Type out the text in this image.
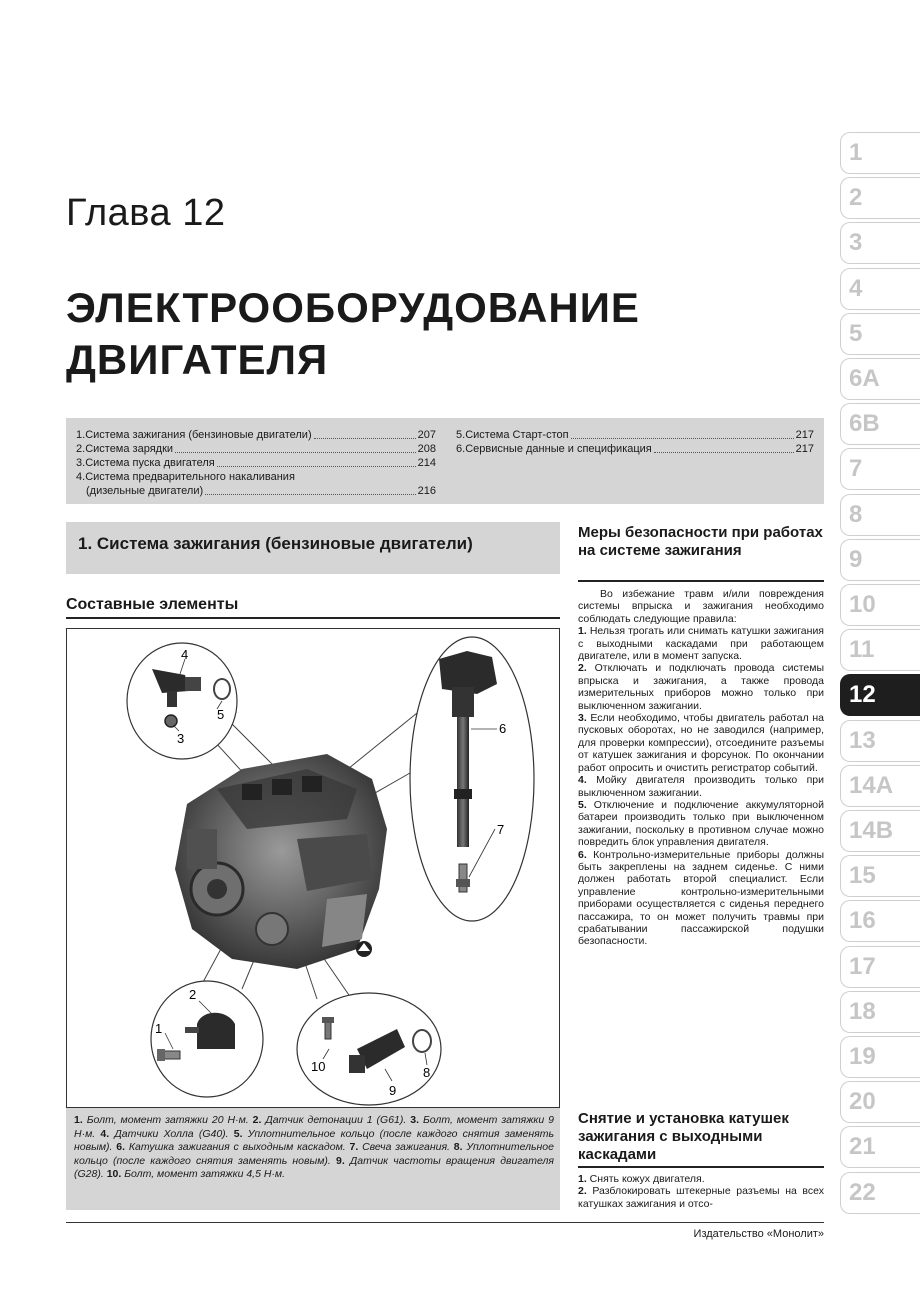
Глава 12
ЭЛЕКТРООБОРУДОВАНИЕ
ДВИГАТЕЛЯ
1.Система зажигания (бензиновые двигатели)	207
2.Система зарядки	208
3.Система пуска двигателя	214
4.Система предварительного накаливания
(дизельные двигатели)	216
5.Система Старт-стоп	217
6.Сервисные данные и спецификация	217
1. Система зажигания (бензиновые двигатели)
Составные элементы
4
5
3
6
7
2
1
10
9
8
1. Болт, момент затяжки 20 Н·м. 2. Датчик детонации 1 (G61). 3. Болт, момент затяжки 9 Н·м. 4. Датчики Холла (G40). 5. Уплотнительное кольцо (после каждого снятия заменять новым). 6. Катушка зажигания с выходным каскадом. 7. Свеча зажигания. 8. Уплотнительное кольцо (после каждого снятия заменять новым). 9. Датчик частоты вращения двигателя (G28). 10. Болт, момент затяжки 4,5 Н·м.
Меры безопасности при работах на системе зажигания

Во избежание травм и/или повреждения системы впрыска и зажигания необходимо соблюдать следующие правила:

1. Нельзя трогать или снимать катушки зажигания с выходными каскадами при работающем двигателе, или в момент запуска.

2. Отключать и подключать провода системы впрыска и зажигания, а также провода измерительных приборов можно только при выключенном зажигании.

3. Если необходимо, чтобы двигатель работал на пусковых оборотах, но не заводился (например, для проверки компрессии), отсоедините разъемы от катушек зажигания и форсунок. По окончании работ опросить и очистить регистратор событий.

4. Мойку двигателя производить только при выключенном зажигании.

5. Отключение и подключение аккумуляторной батареи производить только при выключенном зажигании, поскольку в противном случае можно повредить блок управления двигателя.

6. Контрольно-измерительные приборы должны быть закреплены на заднем сиденье. С ними должен работать второй специалист. Если управление контрольно-измерительными приборами осуществляется с сиденья переднего пассажира, то он может получить травмы при срабатывании пассажирской подушки безопасности.

Снятие и установка катушек зажигания с выходными каскадами

1. Снять кожух двигателя.

2. Разблокировать штекерные разъемы на всех катушках зажигания и отсо-

Издательство «Монолит»
1
2
3
4
5
6A
6B
7
8
9
10
11
12
13
14A
14B
15
16
17
18
19
20
21
22
